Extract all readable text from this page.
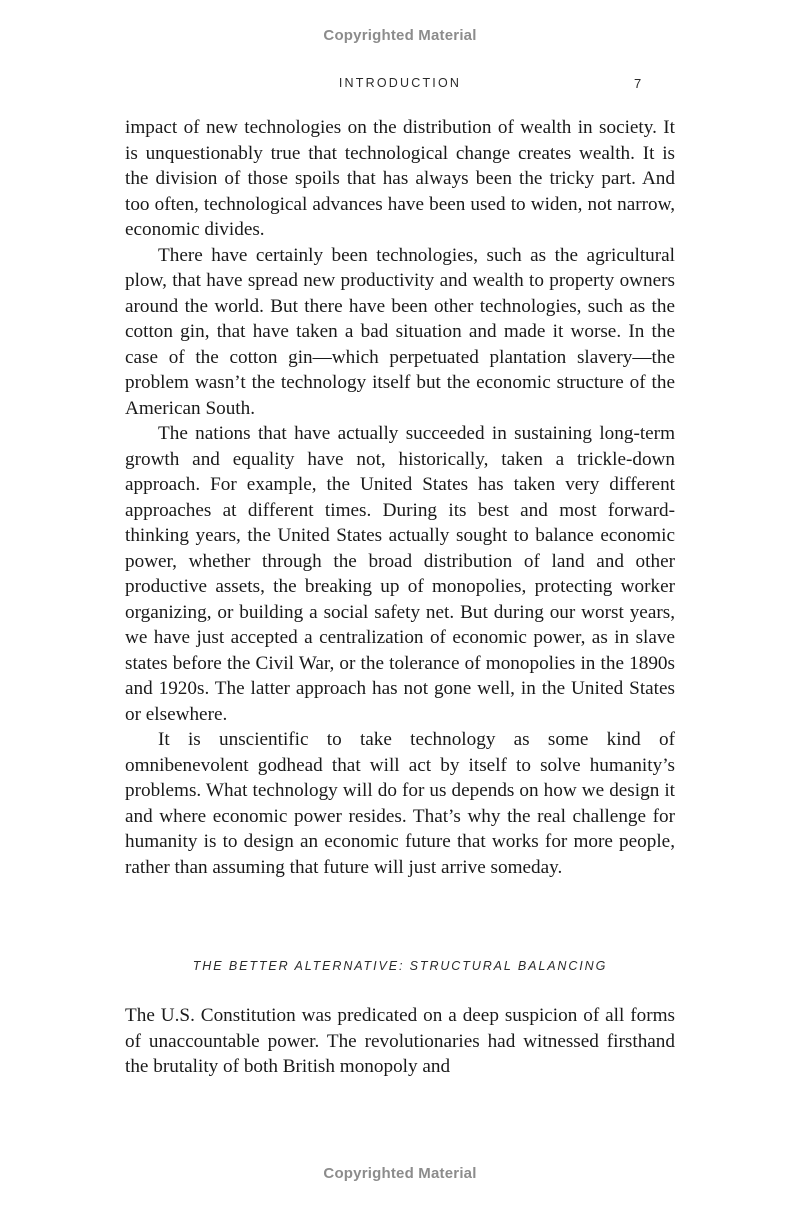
Copyrighted Material
INTRODUCTION	7

impact of new technologies on the distribution of wealth in society. It is unquestionably true that technological change creates wealth. It is the division of those spoils that has always been the tricky part. And too often, technological advances have been used to widen, not narrow, economic divides.

There have certainly been technologies, such as the agricultural plow, that have spread new productivity and wealth to property owners around the world. But there have been other technologies, such as the cotton gin, that have taken a bad situation and made it worse. In the case of the cotton gin—which perpetuated plantation slavery—the problem wasn’t the technology itself but the economic structure of the American South.

The nations that have actually succeeded in sustaining long-term growth and equality have not, historically, taken a trickle-down approach. For example, the United States has taken very different approaches at different times. During its best and most forward-thinking years, the United States actually sought to balance economic power, whether through the broad distribution of land and other productive assets, the breaking up of monopolies, protecting worker organizing, or building a social safety net. But during our worst years, we have just accepted a centralization of economic power, as in slave states before the Civil War, or the tolerance of monopolies in the 1890s and 1920s. The latter approach has not gone well, in the United States or elsewhere.

It is unscientific to take technology as some kind of omnibenevolent godhead that will act by itself to solve humanity’s problems. What technology will do for us depends on how we design it and where economic power resides. That’s why the real challenge for humanity is to design an economic future that works for more people, rather than assuming that future will just arrive someday.

THE BETTER ALTERNATIVE: STRUCTURAL BALANCING

The U.S. Constitution was predicated on a deep suspicion of all forms of unaccountable power. The revolutionaries had witnessed firsthand the brutality of both British monopoly and

Copyrighted Material
